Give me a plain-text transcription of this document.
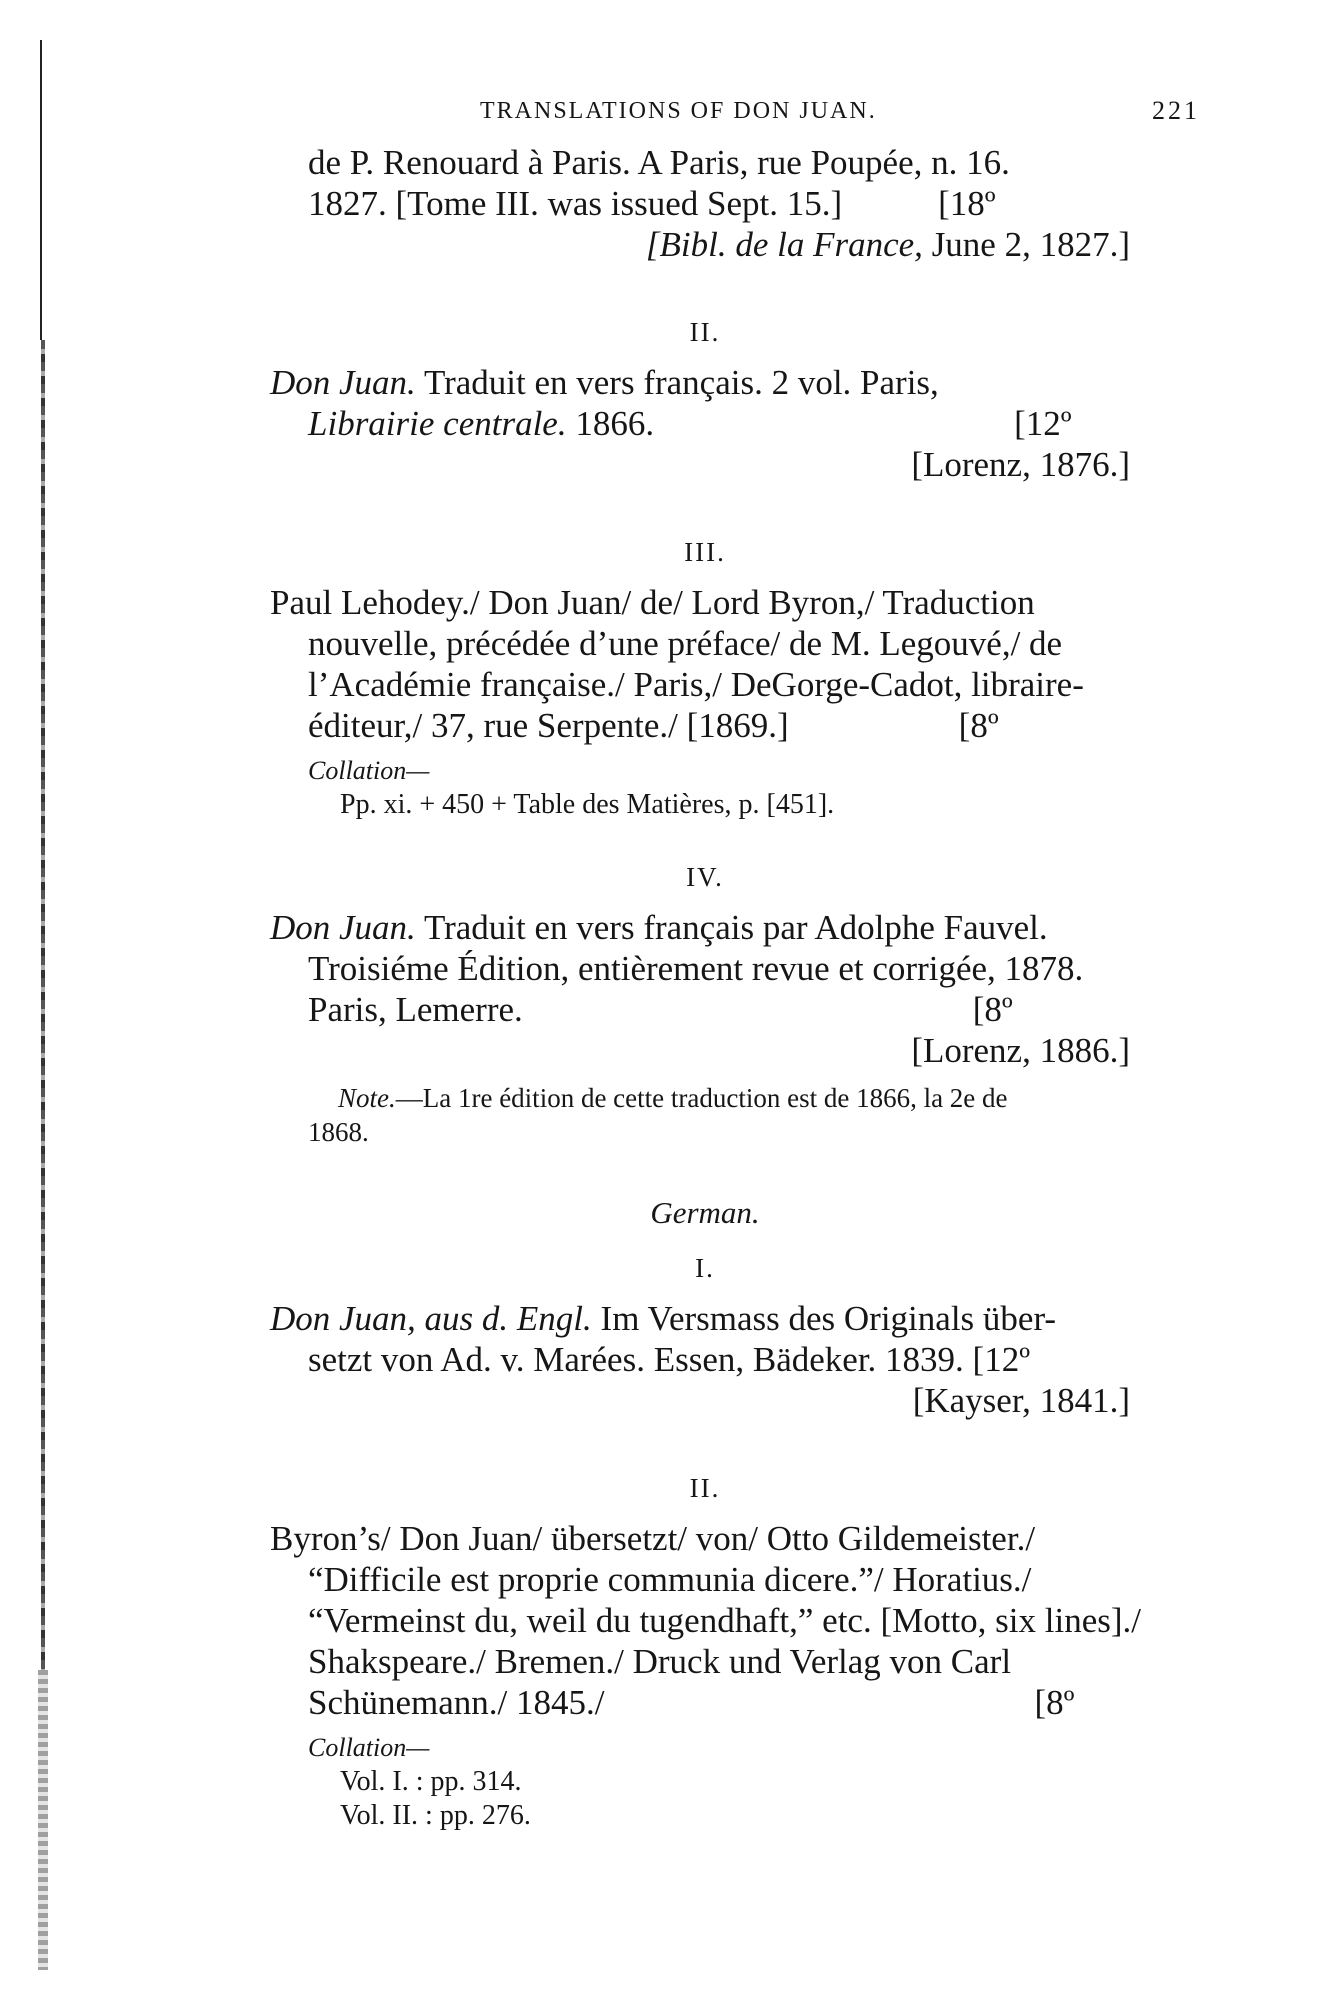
TRANSLATIONS OF DON JUAN.	221
de P. Renouard à Paris. A Paris, rue Poupée, n. 16.
1827. [Tome III. was issued Sept. 15.]	[18º
[Bibl. de la France, June 2, 1827.]
II.
Don Juan. Traduit en vers français. 2 vol. Paris,
Librairie centrale. 1866.	[12º
[Lorenz, 1876.]
III.
Paul Lehodey./ Don Juan/ de/ Lord Byron,/ Traduction
nouvelle, précédée d’une préface/ de M. Legouvé,/ de
l’Académie française./ Paris,/ DeGorge-Cadot, libraire-
éditeur,/ 37, rue Serpente./ [1869.]	[8º
Collation—
Pp. xi. + 450 + Table des Matières, p. [451].
IV.
Don Juan. Traduit en vers français par Adolphe Fauvel.
Troisiéme Édition, entièrement revue et corrigée, 1878.
Paris, Lemerre.	[8º
[Lorenz, 1886.]
Note.—La 1re édition de cette traduction est de 1866, la 2e de
1868.
German.
I.
Don Juan, aus d. Engl. Im Versmass des Originals über-
setzt von Ad. v. Marées. Essen, Bädeker. 1839. [12º
[Kayser, 1841.]
II.
Byron’s/ Don Juan/ übersetzt/ von/ Otto Gildemeister./
“Difficile est proprie communia dicere.”/ Horatius./
“Vermeinst du, weil du tugendhaft,” etc. [Motto, six lines]./
Shakspeare./ Bremen./ Druck und Verlag von Carl
Schünemann./ 1845./	[8º
Collation—
Vol. I. : pp. 314.
Vol. II. : pp. 276.
